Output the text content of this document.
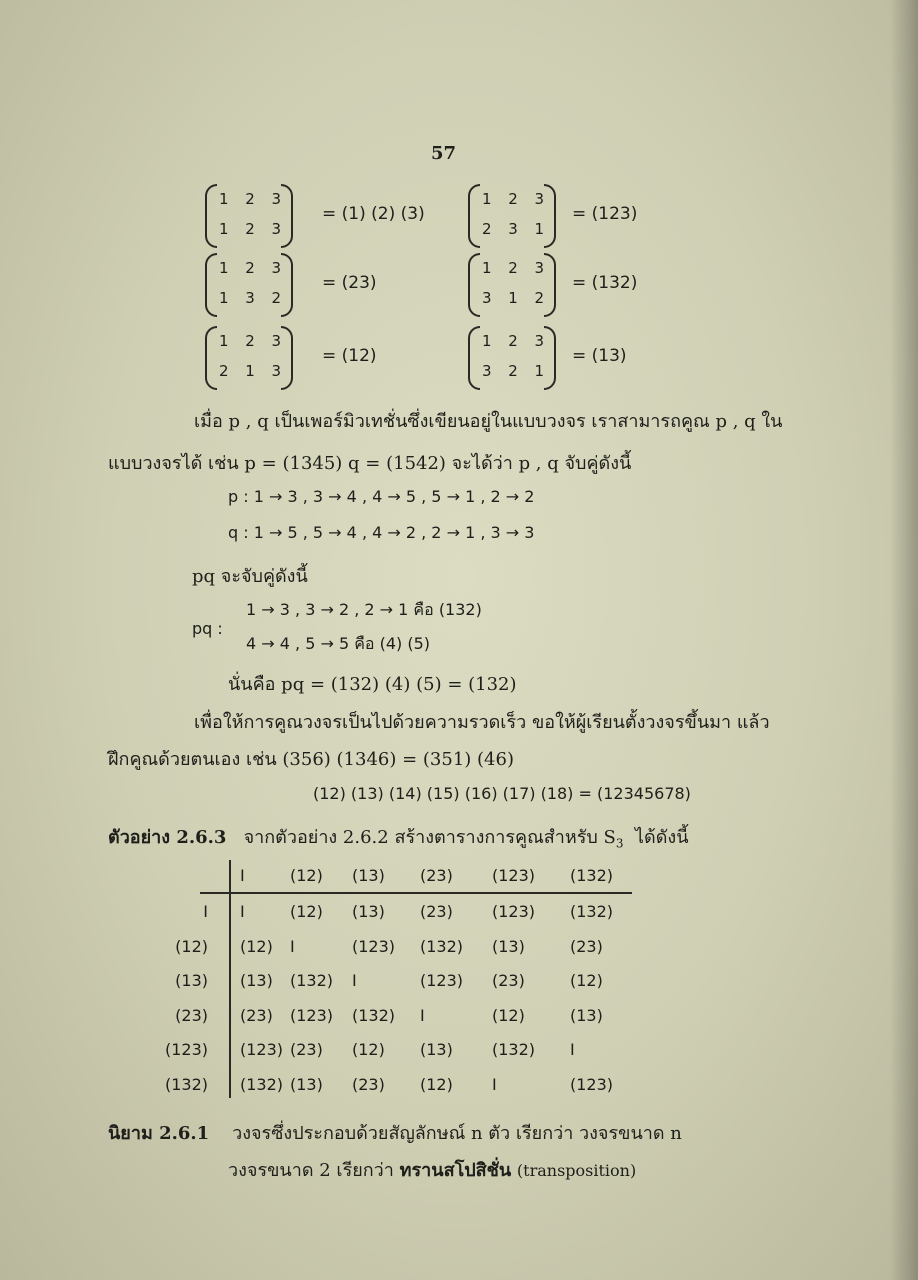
57
1 2 3
1 2 3
= (1) (2) (3)
1 2 3
2 3 1
= (123)
1 2 3
1 3 2
= (23)
1 2 3
3 1 2
= (132)
1 2 3
2 1 3
= (12)
1 2 3
3 2 1
= (13)
เมื่อ p , q เป็นเพอร์มิวเทชั่นซึ่งเขียนอยู่ในแบบวงจร เราสามารถคูณ p , q ใน
แบบวงจรได้ เช่น p = (1345) q = (1542) จะได้ว่า p , q จับคู่ดังนี้
p : 1 → 3 , 3 → 4 , 4 → 5 , 5 → 1 , 2 → 2
q : 1 → 5 , 5 → 4 , 4 → 2 , 2 → 1 , 3 → 3
pq จะจับคู่ดังนี้
pq :
1 → 3 , 3 → 2 , 2 → 1 คือ (132)
4 → 4 , 5 → 5 คือ (4) (5)
นั่นคือ pq = (132) (4) (5) = (132)
เพื่อให้การคูณวงจรเป็นไปด้วยความรวดเร็ว ขอให้ผู้เรียนตั้งวงจรขึ้นมา แล้ว
ฝึกคูณด้วยตนเอง เช่น (356) (1346) = (351) (46)
(12) (13) (14) (15) (16) (17) (18) = (12345678)
ตัวอย่าง 2.6.3 จากตัวอย่าง 2.6.2 สร้างตารางการคูณสำหรับ $S_3$ ได้ดังนี้
I	(12) (13) (23) (123) (132)
I I	(12) (13) (23) (123) (132)
(12) (12) I	(123) (132) (13)	(23)
(13) (13) (132) I	(123) (23)	(12)
(23) (23) (123) (132) I	(12)	(13)
(123) (123) (23) (12) (13) (132) I
(132) (132) (13) (23) (12) I	(123)
นิยาม 2.6.1 วงจรซึ่งประกอบด้วยสัญลักษณ์ n ตัว เรียกว่า วงจรขนาด n
วงจรขนาด 2 เรียกว่า ทรานสโปสิชั่น (transposition)
